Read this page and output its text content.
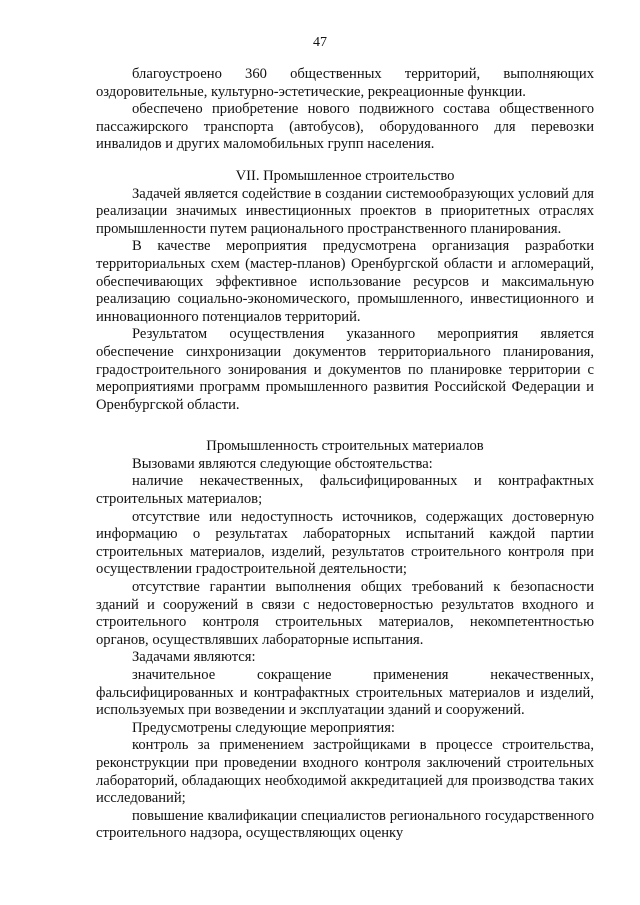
47

благоустроено 360 общественных территорий, выполняющих оздоровительные, культурно-эстетические, рекреационные функции.

обеспечено приобретение нового подвижного состава общественного пассажирского транспорта (автобусов), оборудованного для перевозки инвалидов и других маломобильных групп населения.

VII. Промышленное строительство

Задачей является содействие в создании системообразующих условий для реализации значимых инвестиционных проектов в приоритетных отраслях промышленности путем рационального пространственного планирования.

В качестве мероприятия предусмотрена организация разработки территориальных схем (мастер-планов) Оренбургской области и агломераций, обеспечивающих эффективное использование ресурсов и максимальную реализацию социально-экономического, промышленного, инвестиционного и инновационного потенциалов территорий.

Результатом осуществления указанного мероприятия является обеспечение синхронизации документов территориального планирования, градостроительного зонирования и документов по планировке территории с мероприятиями программ промышленного развития Российской Федерации и Оренбургской области.

Промышленность строительных материалов

Вызовами являются следующие обстоятельства:

наличие некачественных, фальсифицированных и контрафактных строительных материалов;

отсутствие или недоступность источников, содержащих достоверную информацию о результатах лабораторных испытаний каждой партии строительных материалов, изделий, результатов строительного контроля при осуществлении градостроительной деятельности;

отсутствие гарантии выполнения общих требований к безопасности зданий и сооружений в связи с недостоверностью результатов входного и строительного контроля строительных материалов, некомпетентностью органов, осуществлявших лабораторные испытания.

Задачами являются:

значительное сокращение применения некачественных, фальсифицированных и контрафактных строительных материалов и изделий, используемых при возведении и эксплуатации зданий и сооружений.

Предусмотрены следующие мероприятия:

контроль за применением застройщиками в процессе строительства, реконструкции при проведении входного контроля заключений строительных лабораторий, обладающих необходимой аккредитацией для производства таких исследований;

повышение квалификации специалистов регионального государственного строительного надзора, осуществляющих оценку
